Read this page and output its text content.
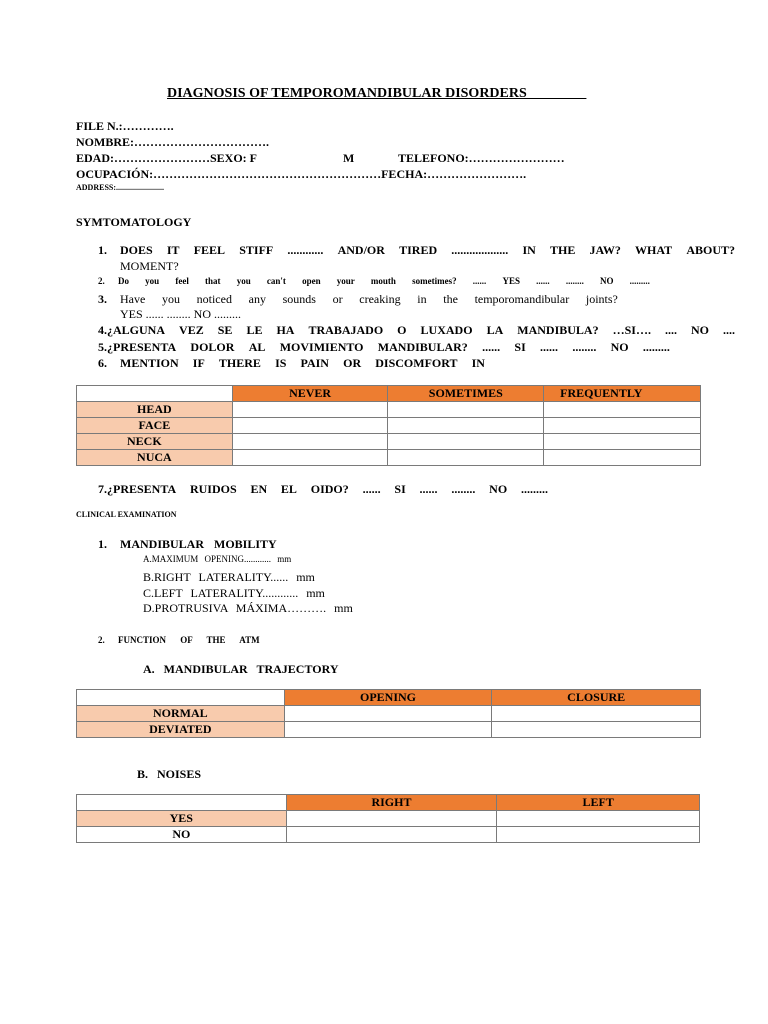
DIAGNOSIS OF TEMPOROMANDIBULAR DISORDERS ________
FILE N.:………….
NOMBRE:…………………………….
EDAD:……………………SEXO: F	M	TELEFONO:……………………
OCUPACIÓN:…………………………………………………FECHA:…………………….
ADDRESS:........................
SYMTOMATOLOGY
1. DOES IT FEEL STIFF ............ AND/OR TIRED ................... IN THE JAW? WHAT ABOUT?
MOMENT?
2. Do you feel that you can't open your mouth sometimes? ...... YES ...... ........ NO .........
3. Have you noticed any sounds or creaking in the temporomandibular joints?
YES ...... ........ NO .........
4.¿ALGUNA VEZ SE LE HA TRABAJADO O LUXADO LA MANDIBULA? …SI…. .... NO ....
5.¿PRESENTA DOLOR AL MOVIMIENTO MANDIBULAR? ...... SI ...... ........ NO .........
6. MENTION IF THERE IS PAIN OR DISCOMFORT IN
	NEVER	SOMETIMES	FREQUENTLY
HEAD			
FACE			
NECK			
NUCA			
7.¿PRESENTA RUIDOS EN EL OIDO? ...... SI ...... ........ NO .........
CLINICAL EXAMINATION
1. MANDIBULAR MOBILITY
A.MAXIMUM OPENING............ mm
B.RIGHT LATERALITY...... mm
C.LEFT LATERALITY............ mm
D.PROTRUSIVA MÁXIMA………. mm
2. FUNCTION OF THE ATM
A. MANDIBULAR TRAJECTORY
	OPENING	CLOSURE
NORMAL		
DEVIATED		
B. NOISES
	RIGHT	LEFT
YES		
NO		
